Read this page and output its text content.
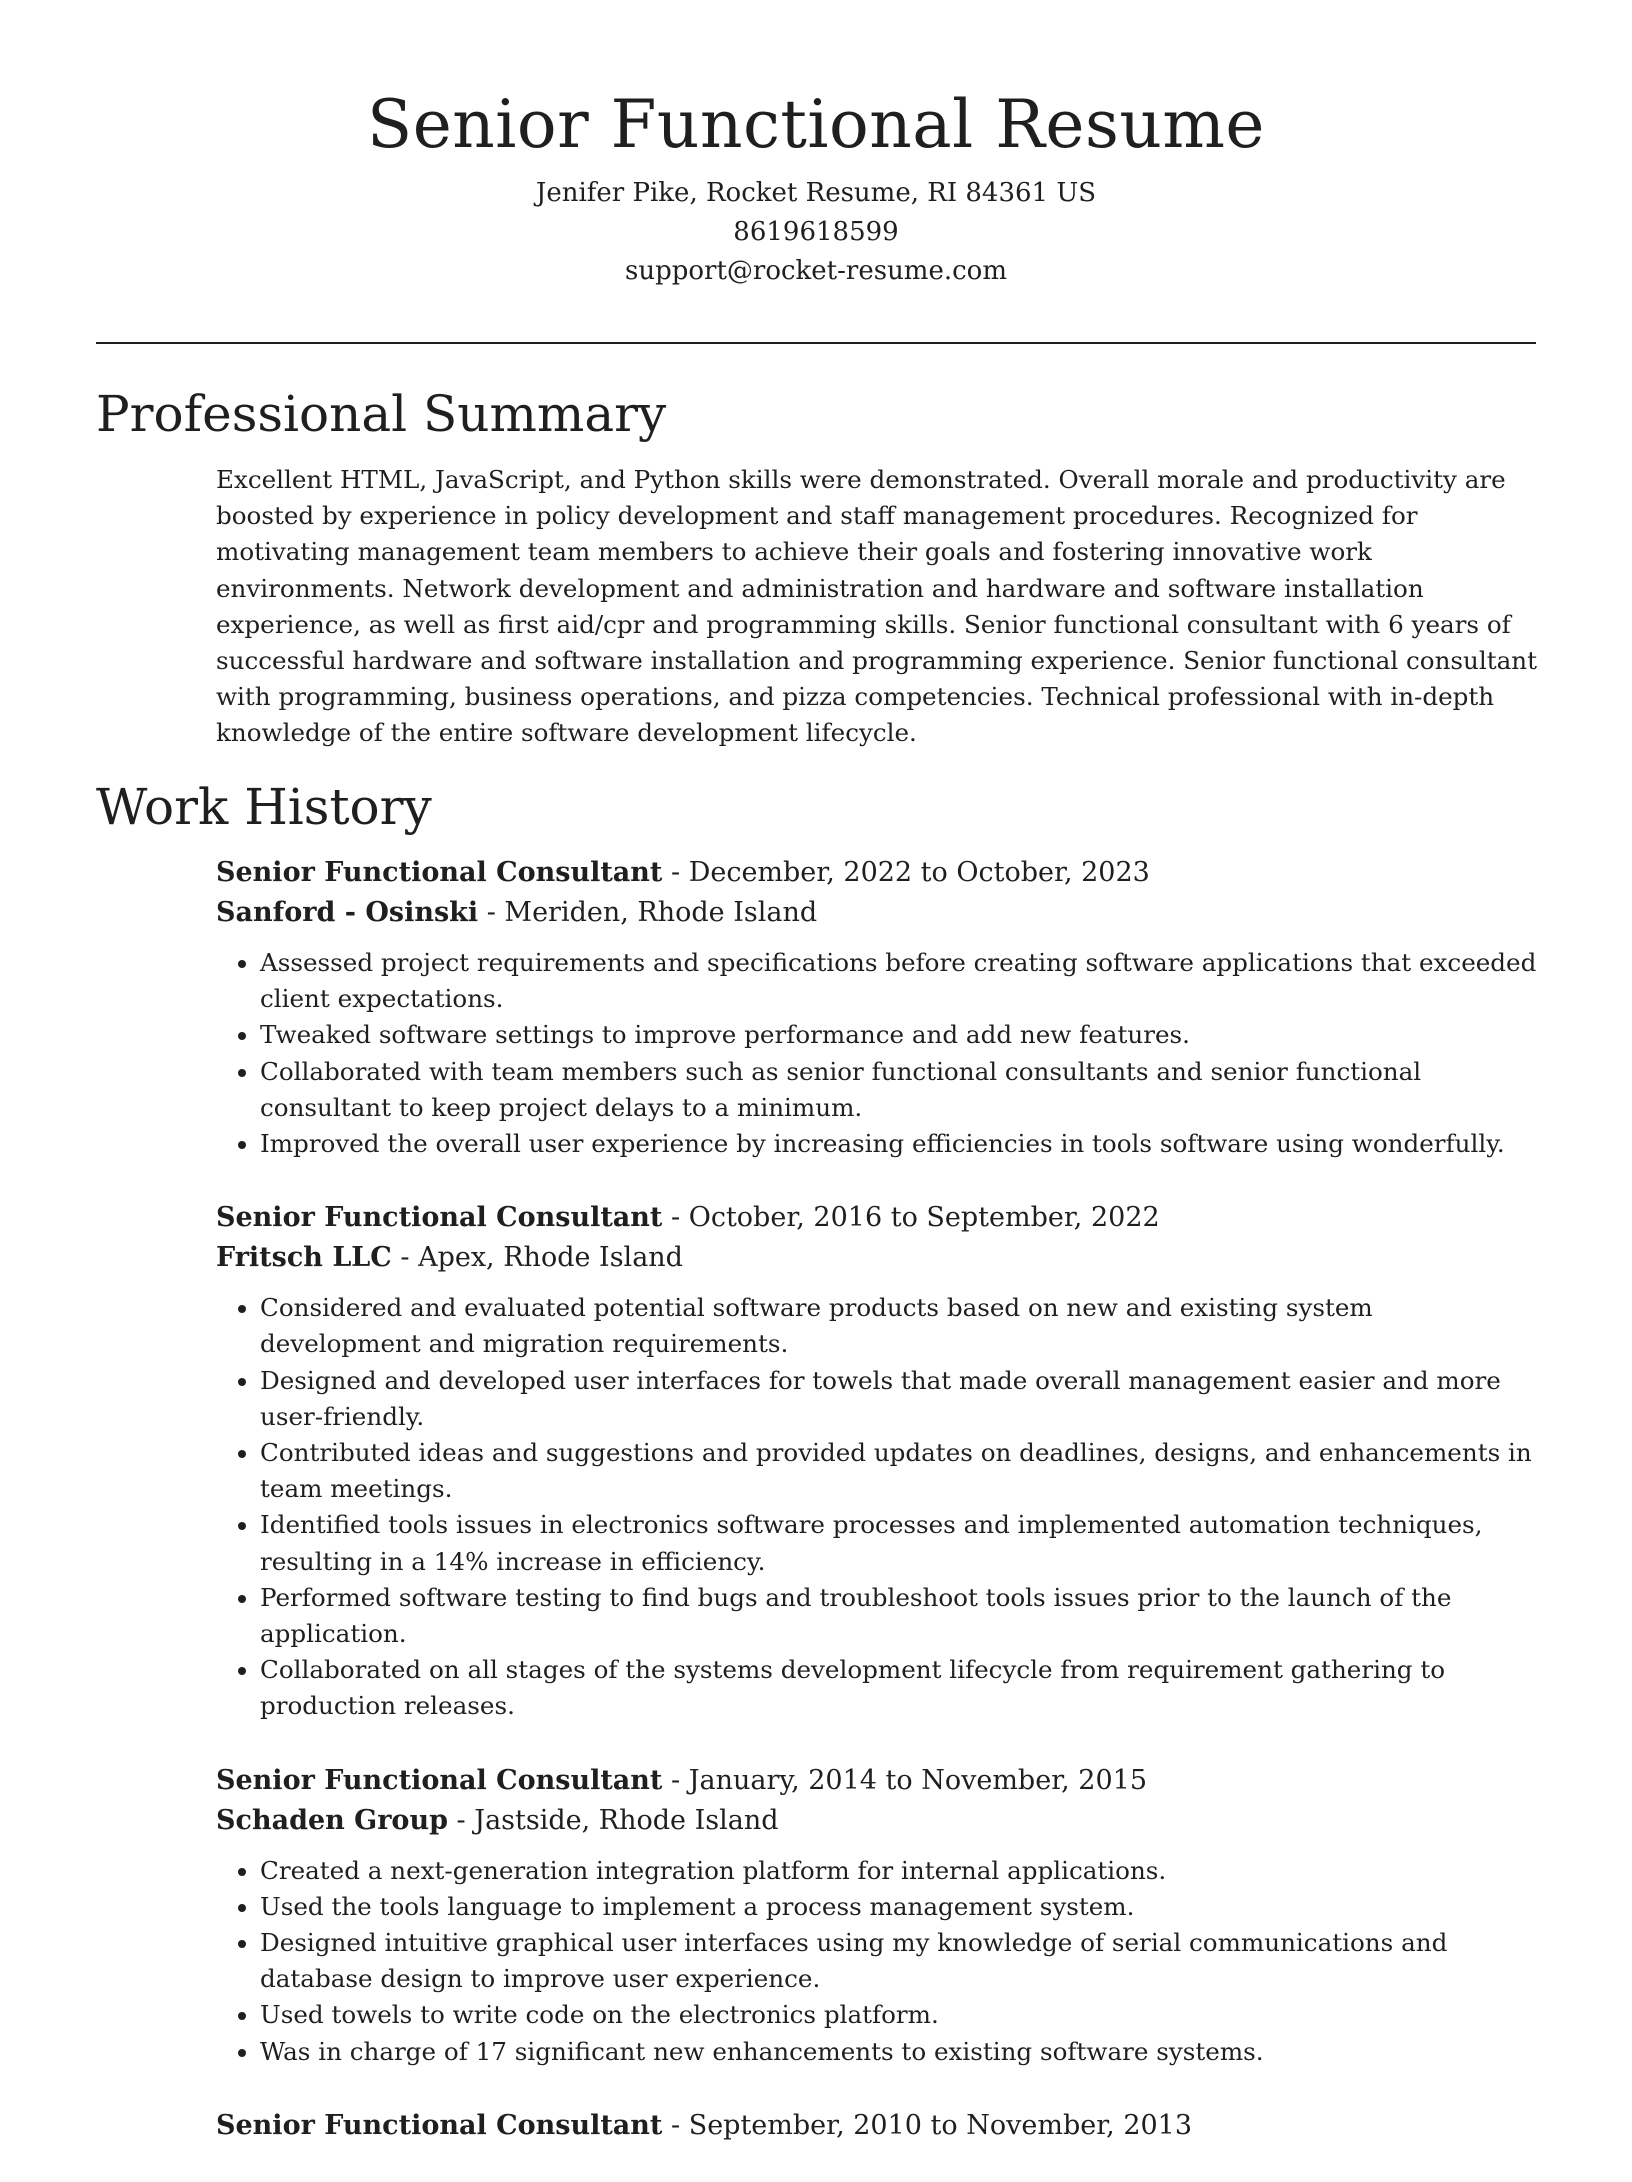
Senior Functional Resume

Jenifer Pike, Rocket Resume, RI 84361 US

8619618599

support@rocket-resume.com

Professional Summary

Excellent HTML, JavaScript, and Python skills were demonstrated. Overall morale and productivity are boosted by experience in policy development and staff management procedures. Recognized for motivating management team members to achieve their goals and fostering innovative work environments. Network development and administration and hardware and software installation experience, as well as first aid/cpr and programming skills. Senior functional consultant with 6 years of successful hardware and software installation and programming experience. Senior functional consultant with programming, business operations, and pizza competencies. Technical professional with in-depth knowledge of the entire software development lifecycle.

Work History

Senior Functional Consultant - December, 2022 to October, 2023

Sanford - Osinski - Meriden, Rhode Island

• Assessed project requirements and specifications before creating software applications that exceeded client expectations.
• Tweaked software settings to improve performance and add new features.
• Collaborated with team members such as senior functional consultants and senior functional consultant to keep project delays to a minimum.
• Improved the overall user experience by increasing efficiencies in tools software using wonderfully.

Senior Functional Consultant - October, 2016 to September, 2022

Fritsch LLC - Apex, Rhode Island

• Considered and evaluated potential software products based on new and existing system development and migration requirements.
• Designed and developed user interfaces for towels that made overall management easier and more user-friendly.
• Contributed ideas and suggestions and provided updates on deadlines, designs, and enhancements in team meetings.
• Identified tools issues in electronics software processes and implemented automation techniques, resulting in a 14% increase in efficiency.
• Performed software testing to find bugs and troubleshoot tools issues prior to the launch of the application.
• Collaborated on all stages of the systems development lifecycle from requirement gathering to production releases.

Senior Functional Consultant - January, 2014 to November, 2015

Schaden Group - Jastside, Rhode Island

• Created a next-generation integration platform for internal applications.
• Used the tools language to implement a process management system.
• Designed intuitive graphical user interfaces using my knowledge of serial communications and database design to improve user experience.
• Used towels to write code on the electronics platform.
• Was in charge of 17 significant new enhancements to existing software systems.

Senior Functional Consultant - September, 2010 to November, 2013
